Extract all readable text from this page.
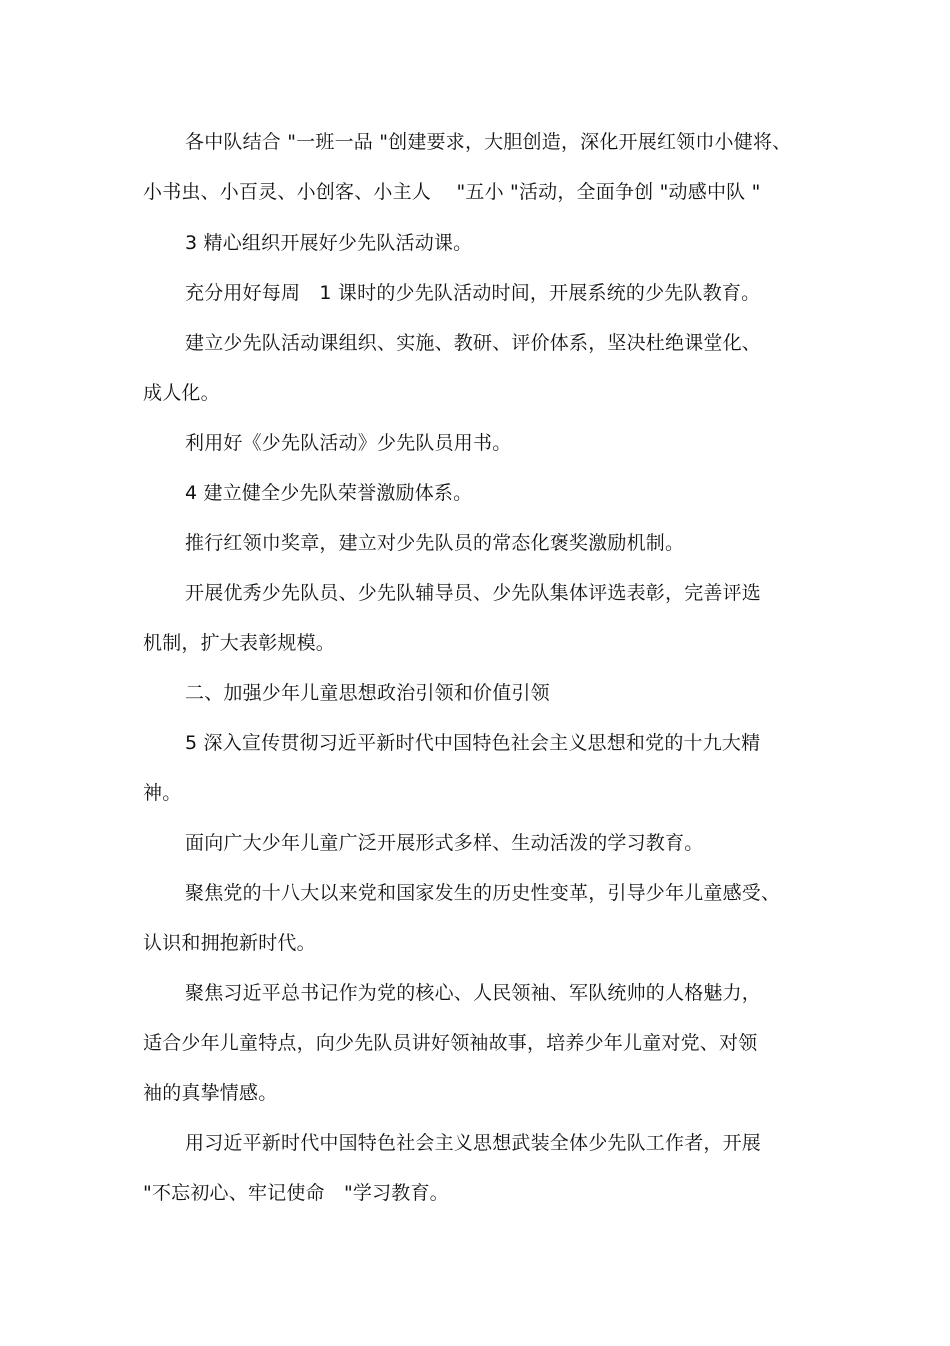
各中队结合 "一班一品 "创建要求，大胆创造，深化开展红领巾小健将、
小书虫、小百灵、小创客、小主人　 "五小 "活动，全面争创 "动感中队 "
3 精心组织开展好少先队活动课。
充分用好每周　1 课时的少先队活动时间，开展系统的少先队教育。
建立少先队活动课组织、实施、教研、评价体系，坚决杜绝课堂化、
成人化。
利用好《少先队活动》少先队员用书。
4 建立健全少先队荣誉激励体系。
推行红领巾奖章，建立对少先队员的常态化褒奖激励机制。
开展优秀少先队员、少先队辅导员、少先队集体评选表彰，完善评选
机制，扩大表彰规模。
二、加强少年儿童思想政治引领和价值引领
5 深入宣传贯彻习近平新时代中国特色社会主义思想和党的十九大精
神。
面向广大少年儿童广泛开展形式多样、生动活泼的学习教育。
聚焦党的十八大以来党和国家发生的历史性变革，引导少年儿童感受、
认识和拥抱新时代。
聚焦习近平总书记作为党的核心、人民领袖、军队统帅的人格魅力，
适合少年儿童特点，向少先队员讲好领袖故事，培养少年儿童对党、对领
袖的真挚情感。
用习近平新时代中国特色社会主义思想武装全体少先队工作者，开展
"不忘初心、牢记使命　"学习教育。
